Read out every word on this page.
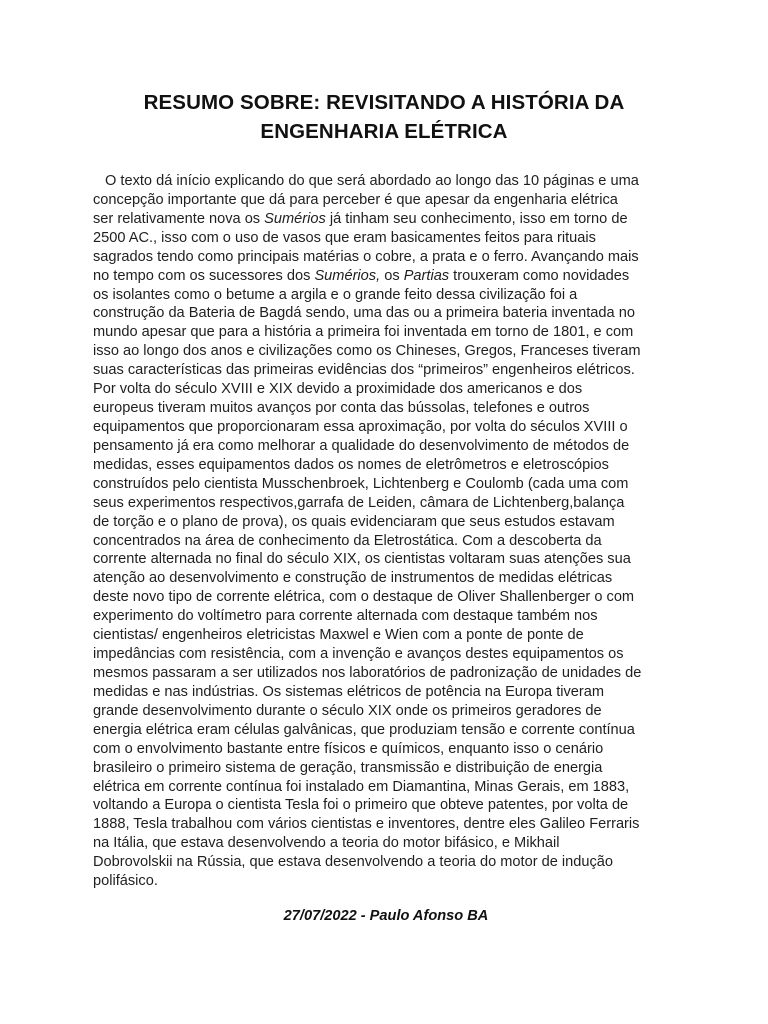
RESUMO SOBRE: REVISITANDO A HISTÓRIA DA
ENGENHARIA ELÉTRICA
O texto dá início explicando do que será abordado ao longo das 10 páginas e uma
concepção importante que dá para perceber é que apesar da engenharia elétrica
ser relativamente nova os Sumérios já tinham seu conhecimento, isso em torno de
2500 AC., isso com o uso de vasos que eram basicamentes feitos para rituais
sagrados tendo como principais matérias o cobre, a prata e o ferro. Avançando mais
no tempo com os sucessores dos Sumérios, os Partias trouxeram como novidades
os isolantes como o betume a argila e o grande feito dessa civilização foi a
construção da Bateria de Bagdá sendo, uma das ou a primeira bateria inventada no
mundo apesar que para a história a primeira foi inventada em torno de 1801, e com
isso ao longo dos anos e civilizações como os Chineses, Gregos, Franceses tiveram
suas características das primeiras evidências dos “primeiros” engenheiros elétricos.
Por volta do século XVIII e XIX devido a proximidade dos americanos e dos
europeus tiveram muitos avanços por conta das bússolas, telefones e outros
equipamentos que proporcionaram essa aproximação, por volta do séculos XVIII o
pensamento já era como melhorar a qualidade do desenvolvimento de métodos de
medidas, esses equipamentos dados os nomes de eletrômetros e eletroscópios
construídos pelo cientista Musschenbroek, Lichtenberg e Coulomb (cada uma com
seus experimentos respectivos,garrafa de Leiden, câmara de Lichtenberg,balança
de torção e o plano de prova), os quais evidenciaram que seus estudos estavam
concentrados na área de conhecimento da Eletrostática. Com a descoberta da
corrente alternada no final do século XIX, os cientistas voltaram suas atenções sua
atenção ao desenvolvimento e construção de instrumentos de medidas elétricas
deste novo tipo de corrente elétrica, com o destaque de Oliver Shallenberger o com
experimento do voltímetro para corrente alternada com destaque também nos
cientistas/ engenheiros eletricistas Maxwel e Wien com a ponte de ponte de
impedâncias com resistência, com a invenção e avanços destes equipamentos os
mesmos passaram a ser utilizados nos laboratórios de padronização de unidades de
medidas e nas indústrias. Os sistemas elétricos de potência na Europa tiveram
grande desenvolvimento durante o século XIX onde os primeiros geradores de
energia elétrica eram células galvânicas, que produziam tensão e corrente contínua
com o envolvimento bastante entre físicos e químicos, enquanto isso o cenário
brasileiro o primeiro sistema de geração, transmissão e distribuição de energia
elétrica em corrente contínua foi instalado em Diamantina, Minas Gerais, em 1883,
voltando a Europa o cientista Tesla foi o primeiro que obteve patentes, por volta de
1888, Tesla trabalhou com vários cientistas e inventores, dentre eles Galileo Ferraris
na Itália, que estava desenvolvendo a teoria do motor bifásico, e Mikhail
Dobrovolskii na Rússia, que estava desenvolvendo a teoria do motor de indução
polifásico.

27/07/2022 - Paulo Afonso BA
